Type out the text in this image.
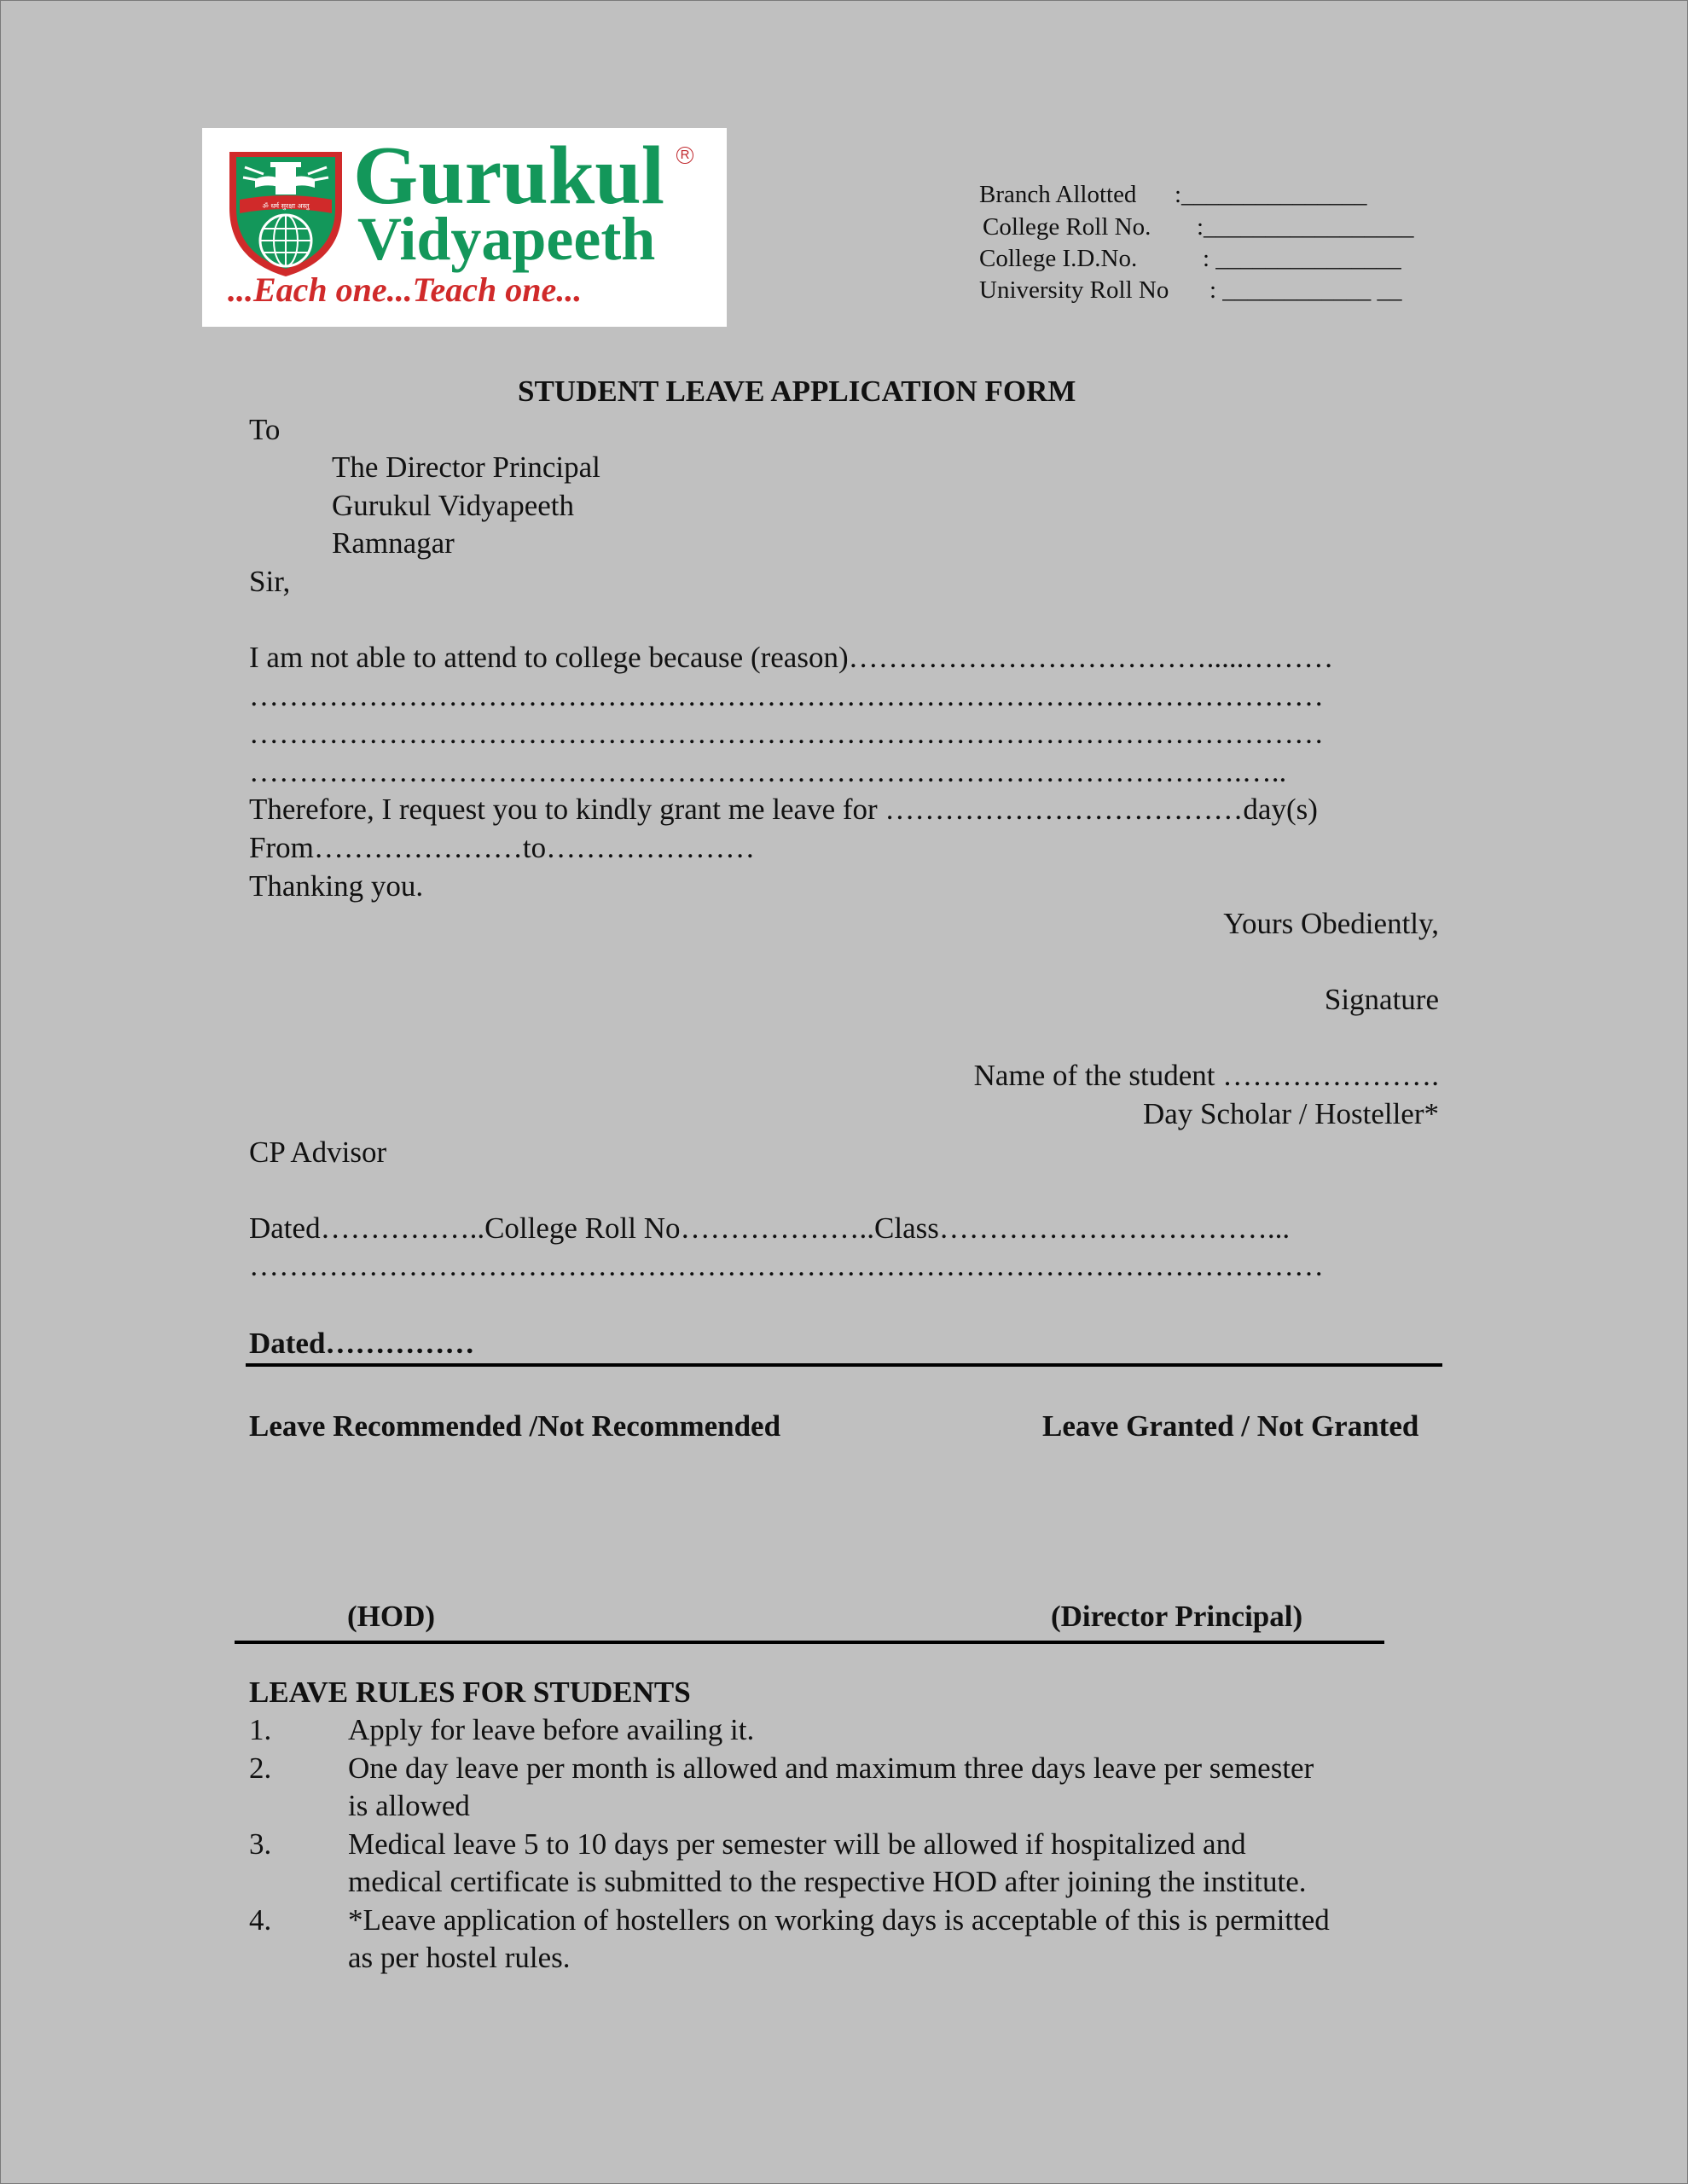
ॐ धर्म सुरक्षा अस्तु Gurukul	R
Vidyapeeth
...Each one...Teach one...
Branch Allotted :_______________
College Roll No. :_________________
College I.D.No.	: _______________
University Roll No : ____________ __
STUDENT LEAVE APPLICATION FORM
To
The Director Principal
Gurukul Vidyapeeth
Ramnagar
Sir,
I am not able to attend to college because (reason)……………………………….....………
………………………………………………………………………………………………
………………………………………………………………………………………………
……………………………………………………………………………………….…..
Therefore, I request you to kindly grant me leave for ………………………………day(s)
From…………………to…………………
Thanking you.
Yours Obediently,
Signature
Name of the student ………………….
Day Scholar / Hosteller*
CP Advisor
Dated……………..College Roll No………………..Class……………………………...
………………………………………………………………………………………………
Dated……………
Leave Recommended /Not Recommended	Leave Granted / Not Granted
(HOD)	(Director Principal)
LEAVE RULES FOR STUDENTS
1.	Apply for leave before availing it.
2.	One day leave per month is allowed and maximum three days leave per semester
is allowed
3.	Medical leave 5 to 10 days per semester will be allowed if hospitalized and
medical certificate is submitted to the respective HOD after joining the institute.
4.	*Leave application of hostellers on working days is acceptable of this is permitted
as per hostel rules.
